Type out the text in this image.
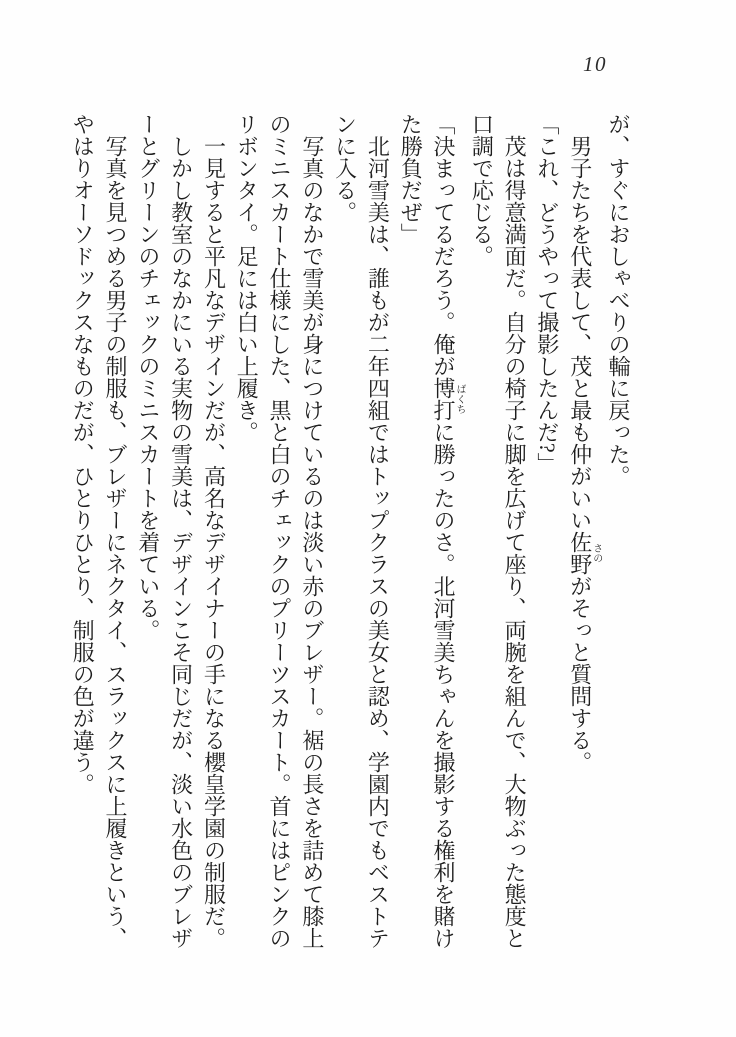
10

が、すぐにおしゃべりの輪に戻った。

男子たちを代表して、茂と最も仲がいい佐野さのがそっと質問する。

「これ、どうやって撮影したんだ?」

茂は得意満面だ。自分の椅子に脚を広げて座り、両腕を組んで、大物ぶった態度と口調で応じる。

「決まってるだろう。俺が博打ばくちに勝ったのさ。北河雪美ちゃんを撮影する権利を賭けた勝負だぜ」

北河雪美は、誰もが二年四組ではトップクラスの美女と認め、学園内でもベストテンに入る。

写真のなかで雪美が身につけているのは淡い赤のブレザー。裾の長さを詰めて膝上のミニスカート仕様にした、黒と白のチェックのプリーツスカート。首にはピンクのリボンタイ。足には白い上履き。

一見すると平凡なデザインだが、高名なデザイナーの手になる櫻皇学園の制服だ。

しかし教室のなかにいる実物の雪美は、デザインこそ同じだが、淡い水色のブレザーとグリーンのチェックのミニスカートを着ている。

写真を見つめる男子の制服も、ブレザーにネクタイ、スラックスに上履きという、やはりオーソドックスなものだが、ひとりひとり、制服の色が違う。
